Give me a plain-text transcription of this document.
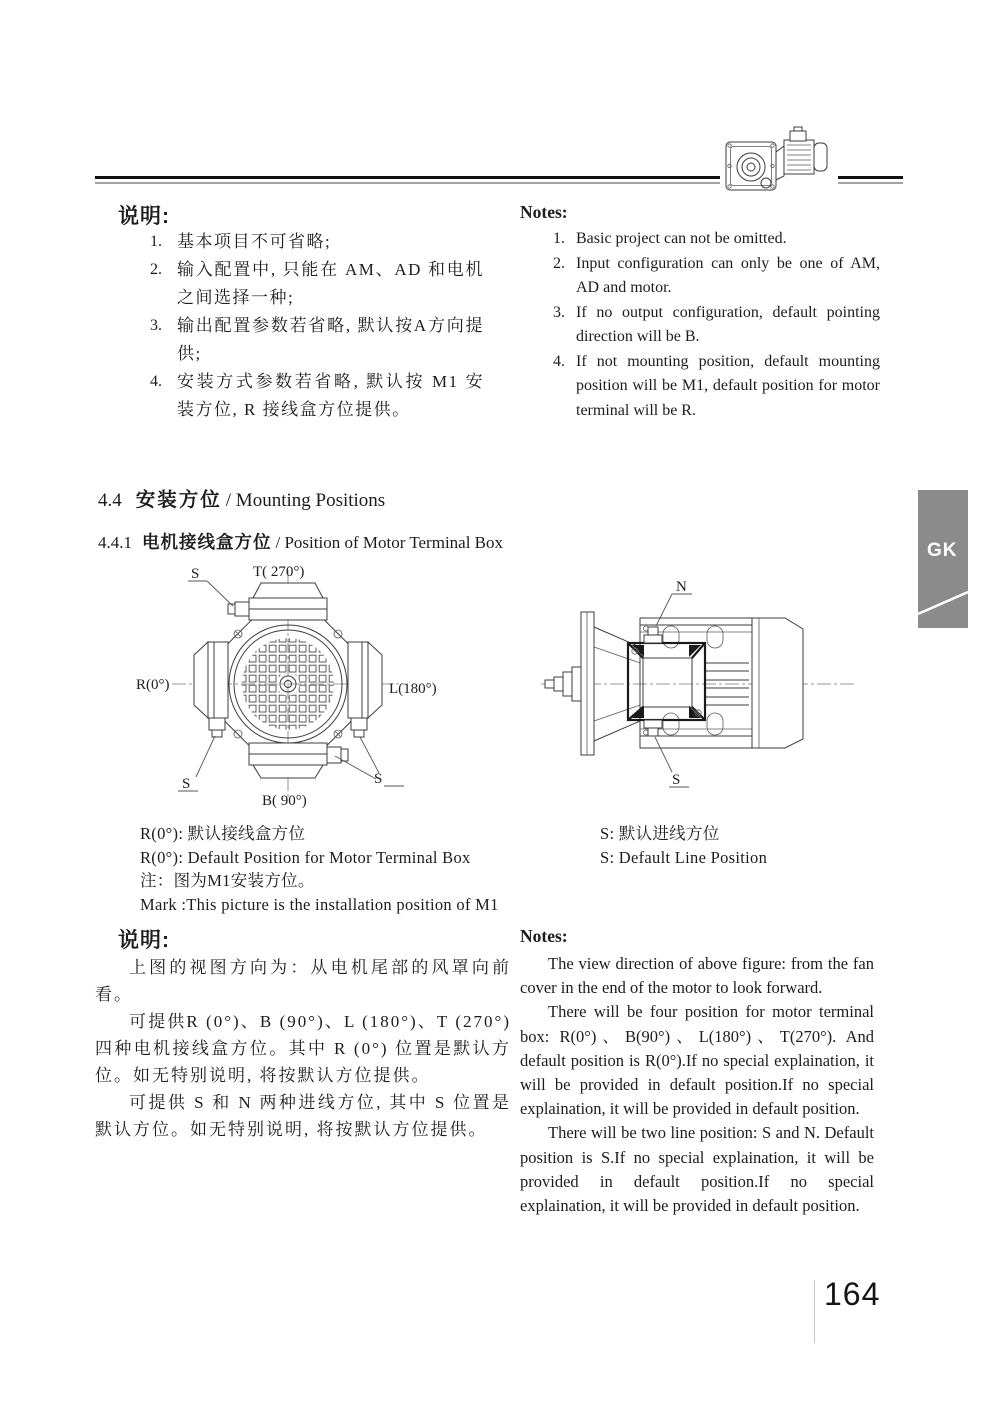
说明:
1. 基本项目不可省略;
2. 输入配置中, 只能在 AM、AD 和电机之间选择一种;
3. 输出配置参数若省略, 默认按A方向提供;
4. 安装方式参数若省略, 默认按 M1 安装方位, R 接线盒方位提供。
Notes:
1. Basic project can not be omitted.
2. Input configuration can only be one of AM, AD and motor.
3. If no output configuration, default pointing direction will be B.
4. If not mounting position, default mounting position will be M1, default position for motor terminal will be R.
4.4 安装方位 / Mounting Positions
4.4.1 电机接线盒方位 / Position of Motor Terminal Box
S	T( 270°)
R(0°)	L(180°)
B( 90°)
S	S
N
S
R(0°): 默认接线盒方位
R(0°): Default Position for Motor Terminal Box
注：图为M1安装方位。
Mark :This picture is the installation position of M1
S: 默认进线方位
S: Default Line Position
说明:

上图的视图方向为：从电机尾部的风罩向前看。

可提供R (0°)、B (90°)、L (180°)、T (270°) 四种电机接线盒方位。其中 R (0°) 位置是默认方位。如无特别说明, 将按默认方位提供。

可提供 S 和 N 两种进线方位, 其中 S 位置是默认方位。如无特别说明, 将按默认方位提供。

Notes:

The view direction of above figure: from the fan cover in the end of the motor to look forward.

There will be four position for motor terminal box: R(0°)、B(90°)、L(180°)、T(270°). And default position is R(0°).If no special explaination, it will be provided in default position.If no special explaination, it will be provided in default position.

There will be two line position: S and N. Default position is S.If no special explaination, it will be provided in default position.If no special explaination, it will be provided in default position.

GK
164
